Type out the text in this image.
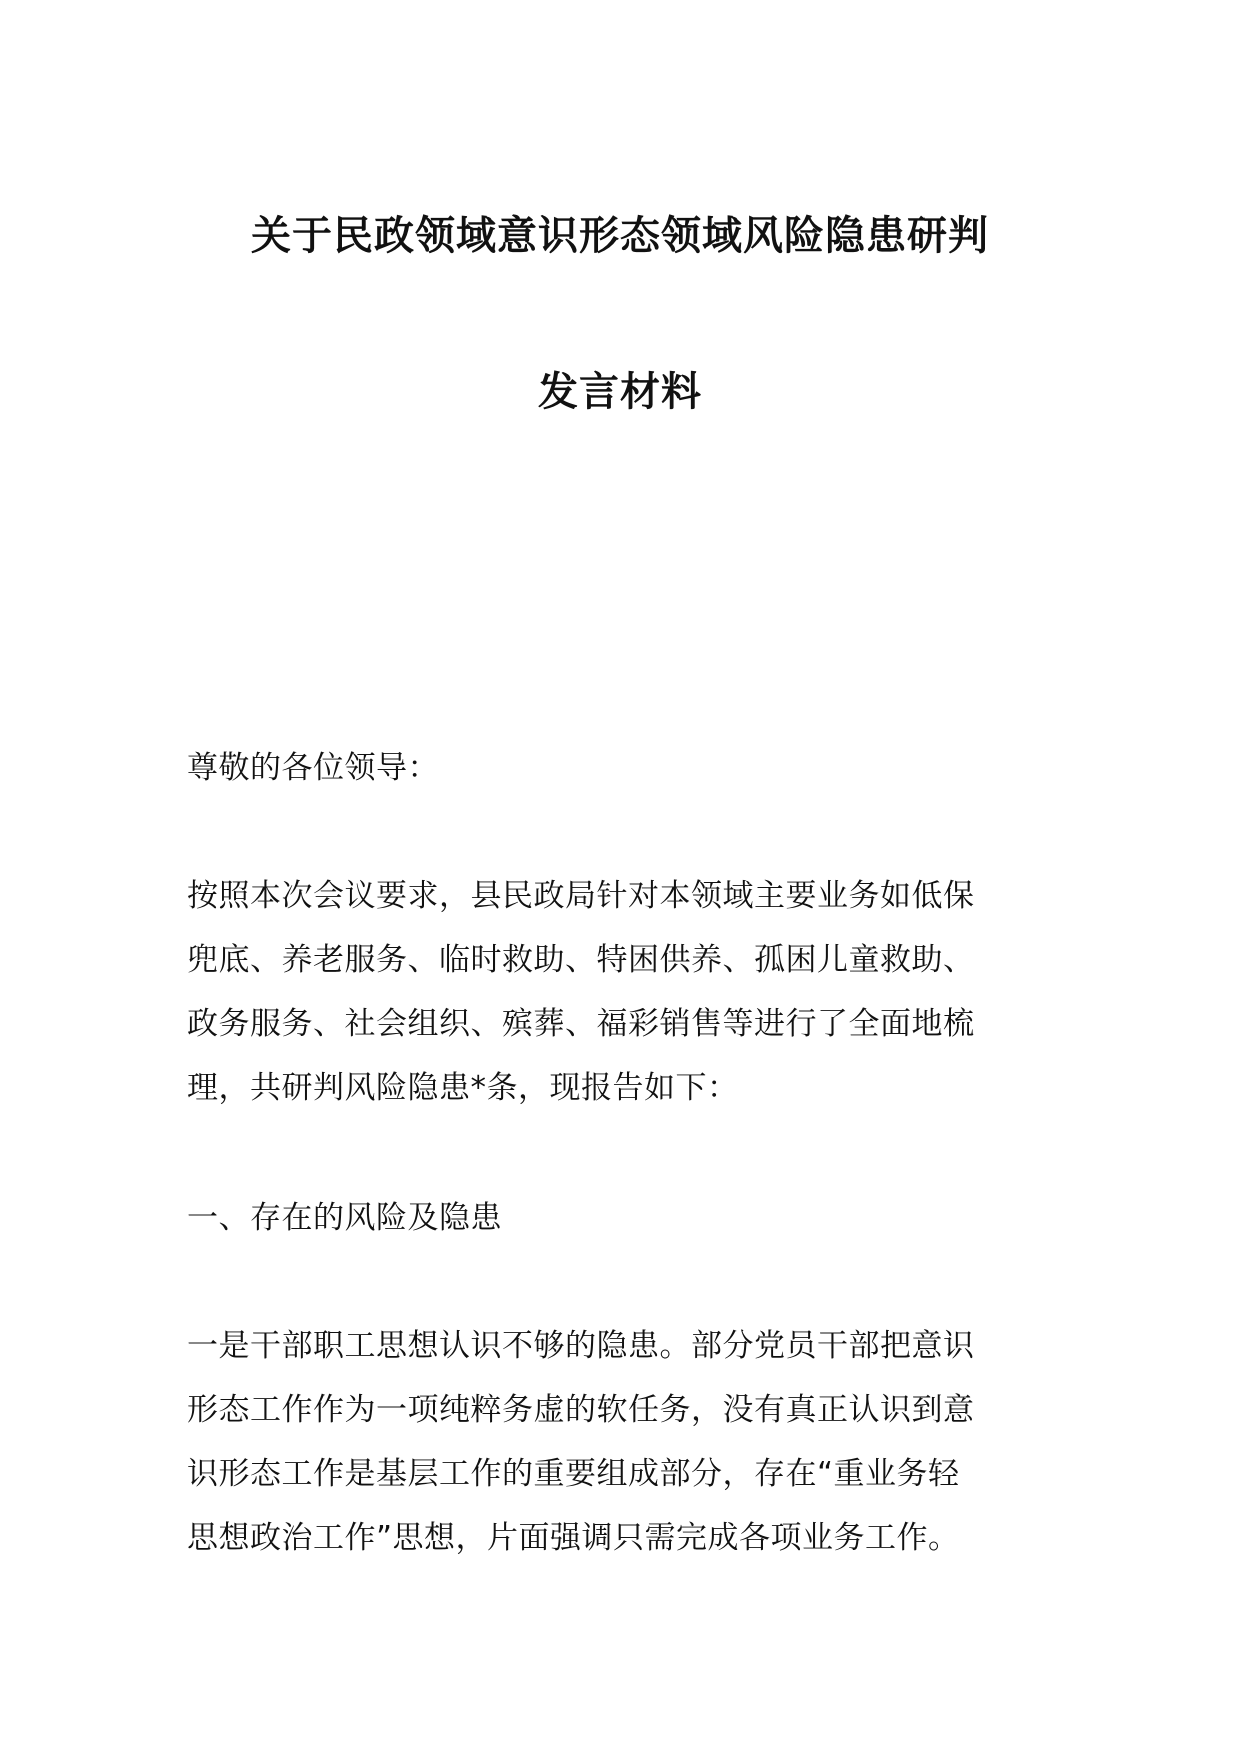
关于民政领域意识形态领域风险隐患研判
发言材料

尊敬的各位领导：

按照本次会议要求，县民政局针对本领域主要业务如低保
兜底、养老服务、临时救助、特困供养、孤困儿童救助、
政务服务、社会组织、殡葬、福彩销售等进行了全面地梳
理，共研判风险隐患*条，现报告如下：

一、存在的风险及隐患

一是干部职工思想认识不够的隐患。部分党员干部把意识
形态工作作为一项纯粹务虚的软任务，没有真正认识到意
识形态工作是基层工作的重要组成部分，存在“重业务轻
思想政治工作”思想，片面强调只需完成各项业务工作。
